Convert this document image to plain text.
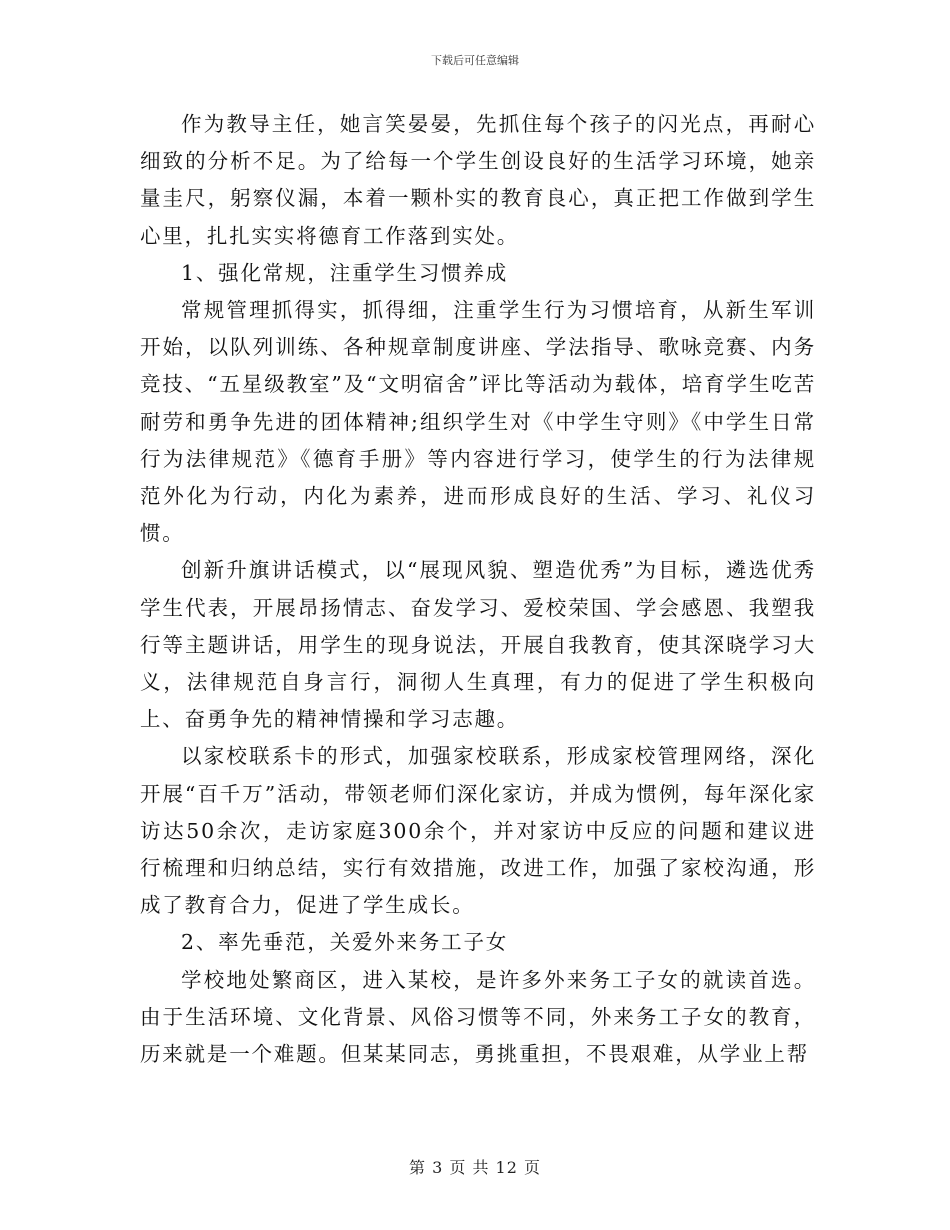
下载后可任意编辑

作为教导主任，她言笑晏晏，先抓住每个孩子的闪光点，再耐心细致的分析不足。为了给每一个学生创设良好的生活学习环境，她亲量圭尺，躬察仪漏，本着一颗朴实的教育良心，真正把工作做到学生心里，扎扎实实将德育工作落到实处。

1、强化常规，注重学生习惯养成

常规管理抓得实，抓得细，注重学生行为习惯培育，从新生军训开始，以队列训练、各种规章制度讲座、学法指导、歌咏竞赛、内务竞技、“五星级教室”及“文明宿舍”评比等活动为载体，培育学生吃苦耐劳和勇争先进的团体精神;组织学生对《中学生守则》《中学生日常行为法律规范》《德育手册》等内容进行学习，使学生的行为法律规范外化为行动，内化为素养，进而形成良好的生活、学习、礼仪习惯。

创新升旗讲话模式，以“展现风貌、塑造优秀”为目标，遴选优秀学生代表，开展昂扬情志、奋发学习、爱校荣国、学会感恩、我塑我行等主题讲话，用学生的现身说法，开展自我教育，使其深晓学习大义，法律规范自身言行，洞彻人生真理，有力的促进了学生积极向上、奋勇争先的精神情操和学习志趣。

以家校联系卡的形式，加强家校联系，形成家校管理网络，深化开展“百千万”活动，带领老师们深化家访，并成为惯例，每年深化家访达50余次，走访家庭300余个，并对家访中反应的问题和建议进行梳理和归纳总结，实行有效措施，改进工作，加强了家校沟通，形成了教育合力，促进了学生成长。

2、率先垂范，关爱外来务工子女

学校地处繁商区，进入某校，是许多外来务工子女的就读首选。由于生活环境、文化背景、风俗习惯等不同，外来务工子女的教育，历来就是一个难题。但某某同志，勇挑重担，不畏艰难，从学业上帮

第 3 页 共 12 页
